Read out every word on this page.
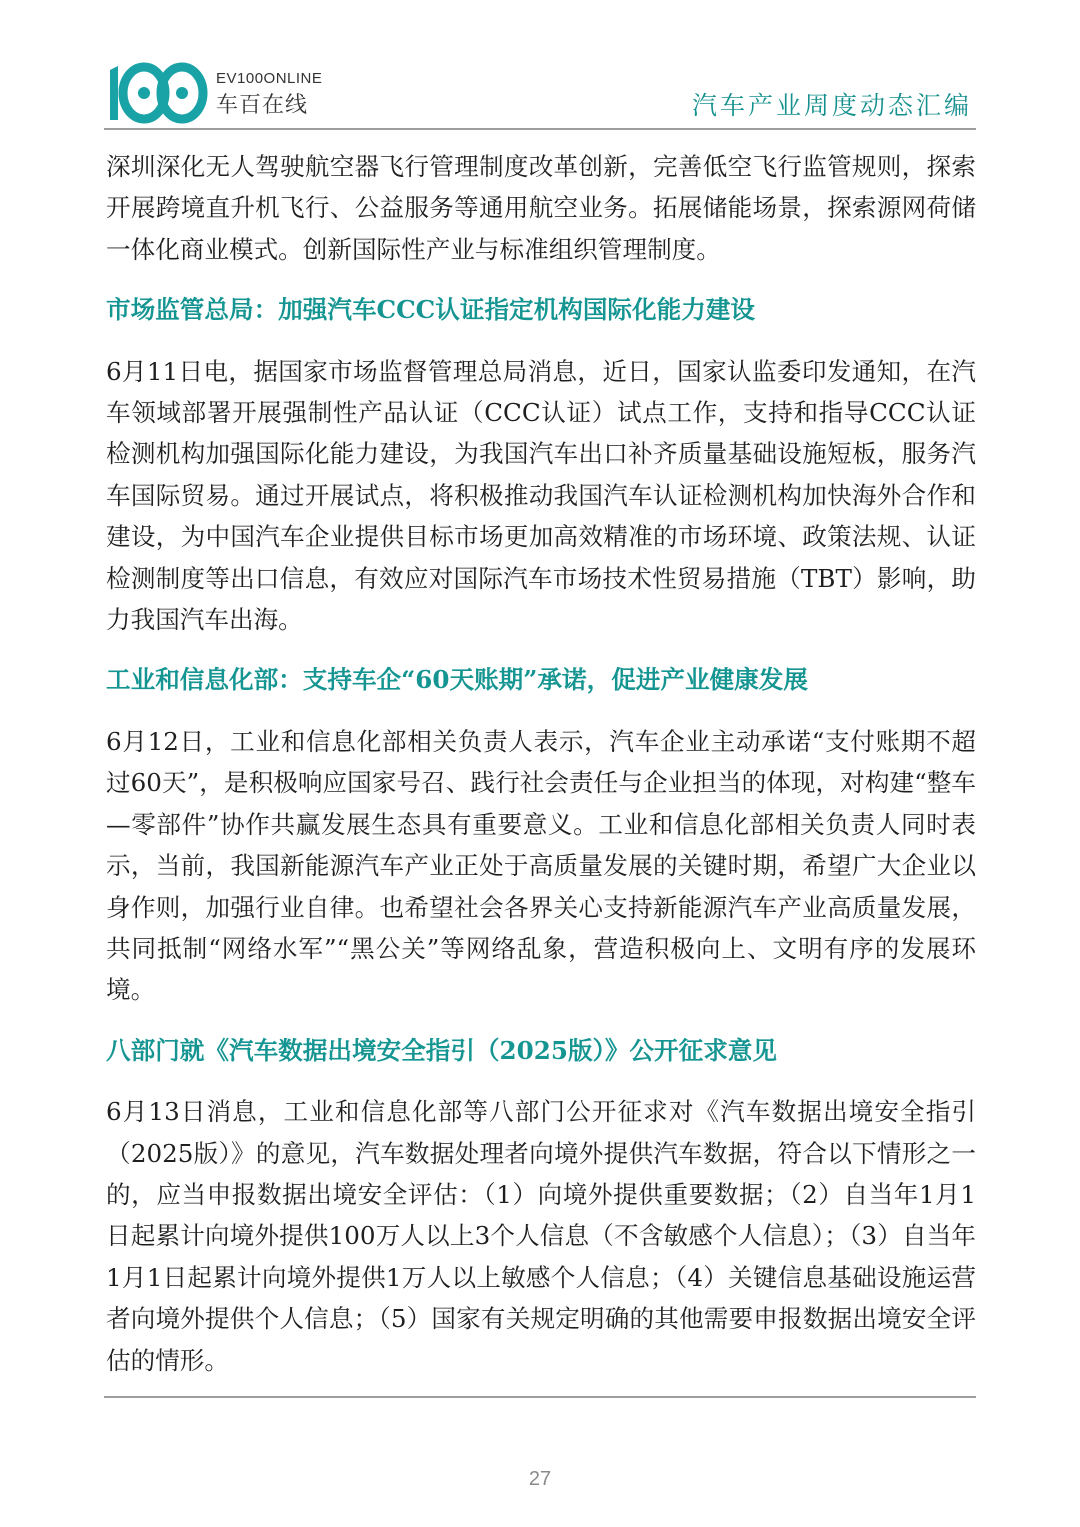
EV100ONLINE
车百在线	汽车产业周度动态汇编

深圳深化无人驾驶航空器飞行管理制度改革创新，完善低空飞行监管规则，探索开展跨境直升机飞行、公益服务等通用航空业务。拓展储能场景，探索源网荷储一体化商业模式。创新国际性产业与标准组织管理制度。

市场监管总局：加强汽车CCC认证指定机构国际化能力建设

6月11日电，据国家市场监督管理总局消息，近日，国家认监委印发通知，在汽车领域部署开展强制性产品认证（CCC认证）试点工作，支持和指导CCC认证检测机构加强国际化能力建设，为我国汽车出口补齐质量基础设施短板，服务汽车国际贸易。通过开展试点，将积极推动我国汽车认证检测机构加快海外合作和建设，为中国汽车企业提供目标市场更加高效精准的市场环境、政策法规、认证检测制度等出口信息，有效应对国际汽车市场技术性贸易措施（TBT）影响，助力我国汽车出海。

工业和信息化部：支持车企“60天账期”承诺，促进产业健康发展

6月12日，工业和信息化部相关负责人表示，汽车企业主动承诺“支付账期不超过60天”，是积极响应国家号召、践行社会责任与企业担当的体现，对构建“整车—零部件”协作共赢发展生态具有重要意义。工业和信息化部相关负责人同时表示，当前，我国新能源汽车产业正处于高质量发展的关键时期，希望广大企业以身作则，加强行业自律。也希望社会各界关心支持新能源汽车产业高质量发展，共同抵制“网络水军”“黑公关”等网络乱象，营造积极向上、文明有序的发展环境。

八部门就《汽车数据出境安全指引（2025版）》公开征求意见

6月13日消息，工业和信息化部等八部门公开征求对《汽车数据出境安全指引（2025版）》的意见，汽车数据处理者向境外提供汽车数据，符合以下情形之一的，应当申报数据出境安全评估：（1）向境外提供重要数据；（2）自当年1月1日起累计向境外提供100万人以上3个人信息（不含敏感个人信息）；（3）自当年1月1日起累计向境外提供1万人以上敏感个人信息；（4）关键信息基础设施运营者向境外提供个人信息；（5）国家有关规定明确的其他需要申报数据出境安全评估的情形。

27
